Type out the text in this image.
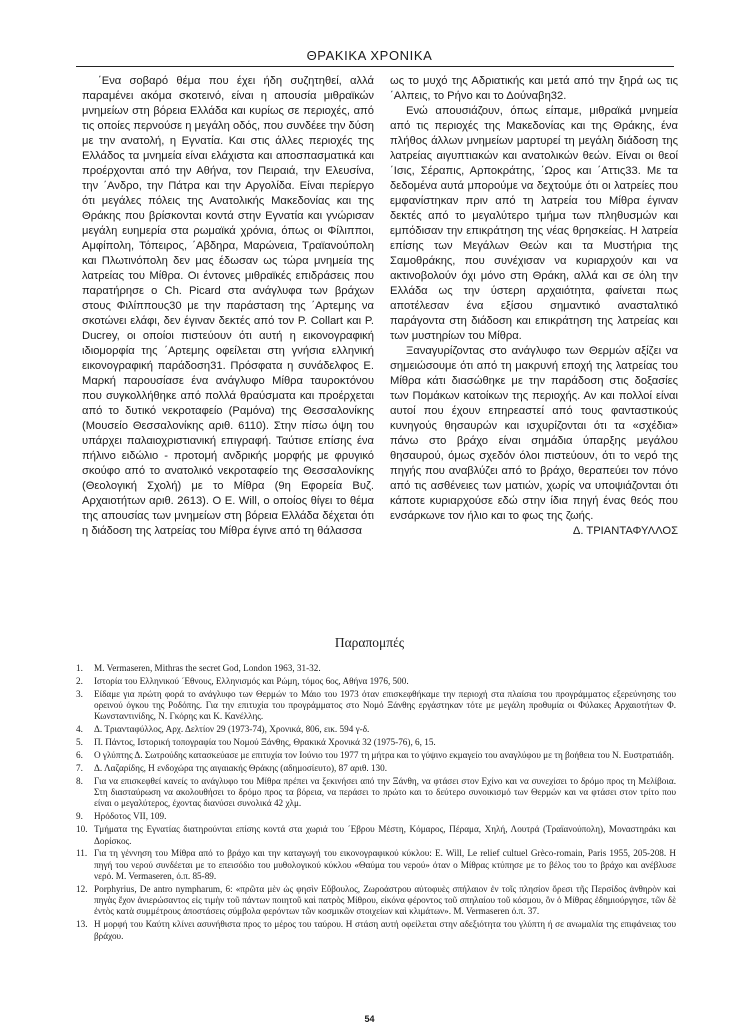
ΘΡΑΚΙΚΑ ΧΡΟΝΙΚΑ

΄Ενα σοβαρό θέμα που έχει ήδη συζητηθεί, αλλά παραμένει ακόμα σκοτεινό, είναι η απουσία μιθραϊκών μνημείων στη βόρεια Ελλάδα και κυρίως σε περιοχές, από τις οποίες περνούσε η μεγάλη οδός, που συνδέεε την δύση με την ανατολή, η Εγνατία. Και στις άλλες περιοχές της Ελλάδος τα μνημεία είναι ελάχιστα και αποσπασματικά και προέρχονται από την Αθήνα, τον Πειραιά, την Ελευσίνα, την ΄Ανδρο, την Πάτρα και την Αργολίδα. Είναι περίεργο ότι μεγάλες πόλεις της Ανατολικής Μακεδονίας και της Θράκης που βρίσκονται κοντά στην Εγνατία και γνώρισαν μεγάλη ευημερία στα ρωμαϊκά χρόνια, όπως οι Φίλιπποι, Αμφίπολη, Τόπειρος, ΄Αβδηρα, Μαρώνεια, Τραϊανούπολη και Πλωτινόπολη δεν μας έδωσαν ως τώρα μνημεία της λατρείας του Μίθρα. Οι έντονες μιθραϊκές επιδράσεις που παρατήρησε ο Ch. Picard στα ανάγλυφα των βράχων στους Φιλίππους30 με την παράσταση της ΄Αρτεμης να σκοτώνει ελάφι, δεν έγιναν δεκτές από τον P. Collart και P. Ducrey, οι οποίοι πιστεύουν ότι αυτή η εικονογραφική ιδιομορφία της ΄Αρτεμης οφείλεται στη γνήσια ελληνική εικονογραφική παράδοση31. Πρόσφατα η συνάδελφος Ε. Μαρκή παρουσίασε ένα ανάγλυφο Μίθρα ταυροκτόνου που συγκολλήθηκε από πολλά θραύσματα και προέρχεται από το δυτικό νεκροταφείο (Ραμόνα) της Θεσσαλονίκης (Μουσείο Θεσσαλονίκης αριθ. 6110). Στην πίσω όψη του υπάρχει παλαιοχριστιανική επιγραφή. Ταύτισε επίσης ένα πήλινο ειδώλιο - προτομή ανδρικής μορφής με φρυγικό σκούφο από το ανατολικό νεκροταφείο της Θεσσαλονίκης (Θεολογική Σχολή) με το Μίθρα (9η Εφορεία Βυζ. Αρχαιοτήτων αριθ. 2613). Ο E. Will, ο οποίος θίγει το θέμα της απουσίας των μνημείων στη βόρεια Ελλάδα δέχεται ότι η διάδοση της λατρείας του Μίθρα έγινε από τη θάλασσα

ως το μυχό της Αδριατικής και μετά από την ξηρά ως τις ΄Αλπεις, το Ρήνο και το Δούναβη32.

Ενώ απουσιάζουν, όπως είπαμε, μιθραϊκά μνημεία από τις περιοχές της Μακεδονίας και της Θράκης, ένα πλήθος άλλων μνημείων μαρτυρεί τη μεγάλη διάδοση της λατρείας αιγυπτιακών και ανατολικών θεών. Είναι οι θεοί ΄Ισις, Σέραπις, Αρποκράτης, ΄Ωρος και ΄Αττις33. Με τα δεδομένα αυτά μπορούμε να δεχτούμε ότι οι λατρείες που εμφανίστηκαν πριν από τη λατρεία του Μίθρα έγιναν δεκτές από το μεγαλύτερο τμήμα των πληθυσμών και εμπόδισαν την επικράτηση της νέας θρησκείας. Η λατρεία επίσης των Μεγάλων Θεών και τα Μυστήρια της Σαμοθράκης, που συνέχισαν να κυριαρχούν και να ακτινοβολούν όχι μόνο στη Θράκη, αλλά και σε όλη την Ελλάδα ως την ύστερη αρχαιότητα, φαίνεται πως αποτέλεσαν ένα εξίσου σημαντικό ανασταλτικό παράγοντα στη διάδοση και επικράτηση της λατρείας και των μυστηρίων του Μίθρα.

Ξαναγυρίζοντας στο ανάγλυφο των Θερμών αξίζει να σημειώσουμε ότι από τη μακρυνή εποχή της λατρείας του Μίθρα κάτι διασώθηκε με την παράδοση στις δοξασίες των Πομάκων κατοίκων της περιοχής. Αν και πολλοί είναι αυτοί που έχουν επηρεαστεί από τους φανταστικούς κυνηγούς θησαυρών και ισχυρίζονται ότι τα «σχέδια» πάνω στο βράχο είναι σημάδια ύπαρξης μεγάλου θησαυρού, όμως σχεδόν όλοι πιστεύουν, ότι το νερό της πηγής που αναβλύζει από το βράχο, θεραπεύει τον πόνο από τις ασθένειες των ματιών, χωρίς να υποψιάζονται ότι κάποτε κυριαρχούσε εδώ στην ίδια πηγή ένας θεός που ενσάρκωνε τον ήλιο και το φως της ζωής.

Δ. ΤΡΙΑΝΤΑΦΥΛΛΟΣ

Παραπομπές
1.	M. Vermaseren, Mithras the secret God, London 1963, 31-32.
2.	Ιστορία του Ελληνικού ΄Εθνους, Ελληνισμός και Ρώμη, τόμος 6ος, Αθήνα 1976, 500.
3.	Είδαμε για πρώτη φορά το ανάγλυφο των Θερμών το Μάιο του 1973 όταν επισκεφθήκαμε την περιοχή στα πλαίσια του προγράμματος εξερεύνησης του ορεινού όγκου της Ροδόπης. Για την επιτυχία του προγράμματος στο Νομό Ξάνθης εργάστηκαν τότε με μεγάλη προθυμία οι Φύλακες Αρχαιοτήτων Φ. Κωνσταντινίδης, Ν. Γκόρης και Κ. Κανέλλης.
4.	Δ. Τριανταφύλλος, Αρχ. Δελτίον 29 (1973-74), Χρονικά, 806, εικ. 594 γ-δ.
5.	Π. Πάντος, Ιστορική τοπογραφία του Νομού Ξάνθης, Θρακικά Χρονικά 32 (1975-76), 6, 15.
6.	Ο γλύπτης Δ. Σωτρούδης κατασκεύασε με επιτυχία τον Ιούνιο του 1977 τη μήτρα και το γύψινο εκμαγείο του αναγλύφου με τη βοήθεια του Ν. Ευστρατιάδη.
7.	Δ. Λαζαρίδης, Η ενδοχώρα της αιγαιακής Θράκης (αδημοσίευτο), 87 αριθ. 130.
8.	Για να επισκεφθεί κανείς το ανάγλυφο του Μίθρα πρέπει να ξεκινήσει από την Ξάνθη, να φτάσει στον Εχίνο και να συνεχίσει το δρόμο προς τη Μελίβοια. Στη διασταύρωση να ακολουθήσει το δρόμο προς τα βόρεια, να περάσει το πρώτο και το δεύτερο συνοικισμό των Θερμών και να φτάσει στον τρίτο που είναι ο μεγαλύτερος, έχοντας διανύσει συνολικά 42 χλμ.
9.	Ηρόδοτος VII, 109.
10. Τμήματα της Εγνατίας διατηρούνται επίσης κοντά στα χωριά του ΄Εβρου Μέστη, Κόμαρος, Πέραμα, Χηλή, Λουτρά (Τραϊανούπολη), Μοναστηράκι και Δορίσκος.
11. Για τη γέννηση του Μίθρα από το βράχο και την καταγωγή του εικονογραφικού κύκλου: E. Will, Le relief cultuel Grèco-romain, Paris 1955, 205-208. Η πηγή του νερού συνδέεται με το επεισόδιο του μυθολογικού κύκλου «Θαύμα του νερού» όταν ο Μίθρας κτύπησε με το βέλος του το βράχο και ανέβλυσε νερό. M. Vermaseren, ό.π. 85-89.
12. Porphyrius, De antro nympharum, 6: «πρῶτα μὲν ὡς φησὶν Εὔβουλος, Ζωροάστρου αὐτοφυὲς σπήλαιον ἐν τοῖς πλησίον ὄρεσι τῆς Περσίδος ἀνθηρὸν καὶ πηγὰς ἔχον ἀνιερώσαντος εἰς τιμὴν τοῦ πάντων ποιητοῦ καὶ πατρὸς Μίθρου, εἰκόνα φέροντος τοῦ σπηλαίου τοῦ κόσμου, ὃν ὁ Μίθρας ἐδημιούργησε, τῶν δὲ ἐντὸς κατὰ συμμέτρους ἀποστάσεις σύμβολα φερόντων τῶν κοσμικῶν στοιχείων καὶ κλιμάτων». M. Vermaseren ό.π. 37.
13. Η μορφή του Καύτη κλίνει ασυνήθιστα προς το μέρος του ταύρου. Η στάση αυτή οφείλεται στην αδεξιότητα του γλύπτη ή σε ανωμαλία της επιφάνειας του βράχου.
54
